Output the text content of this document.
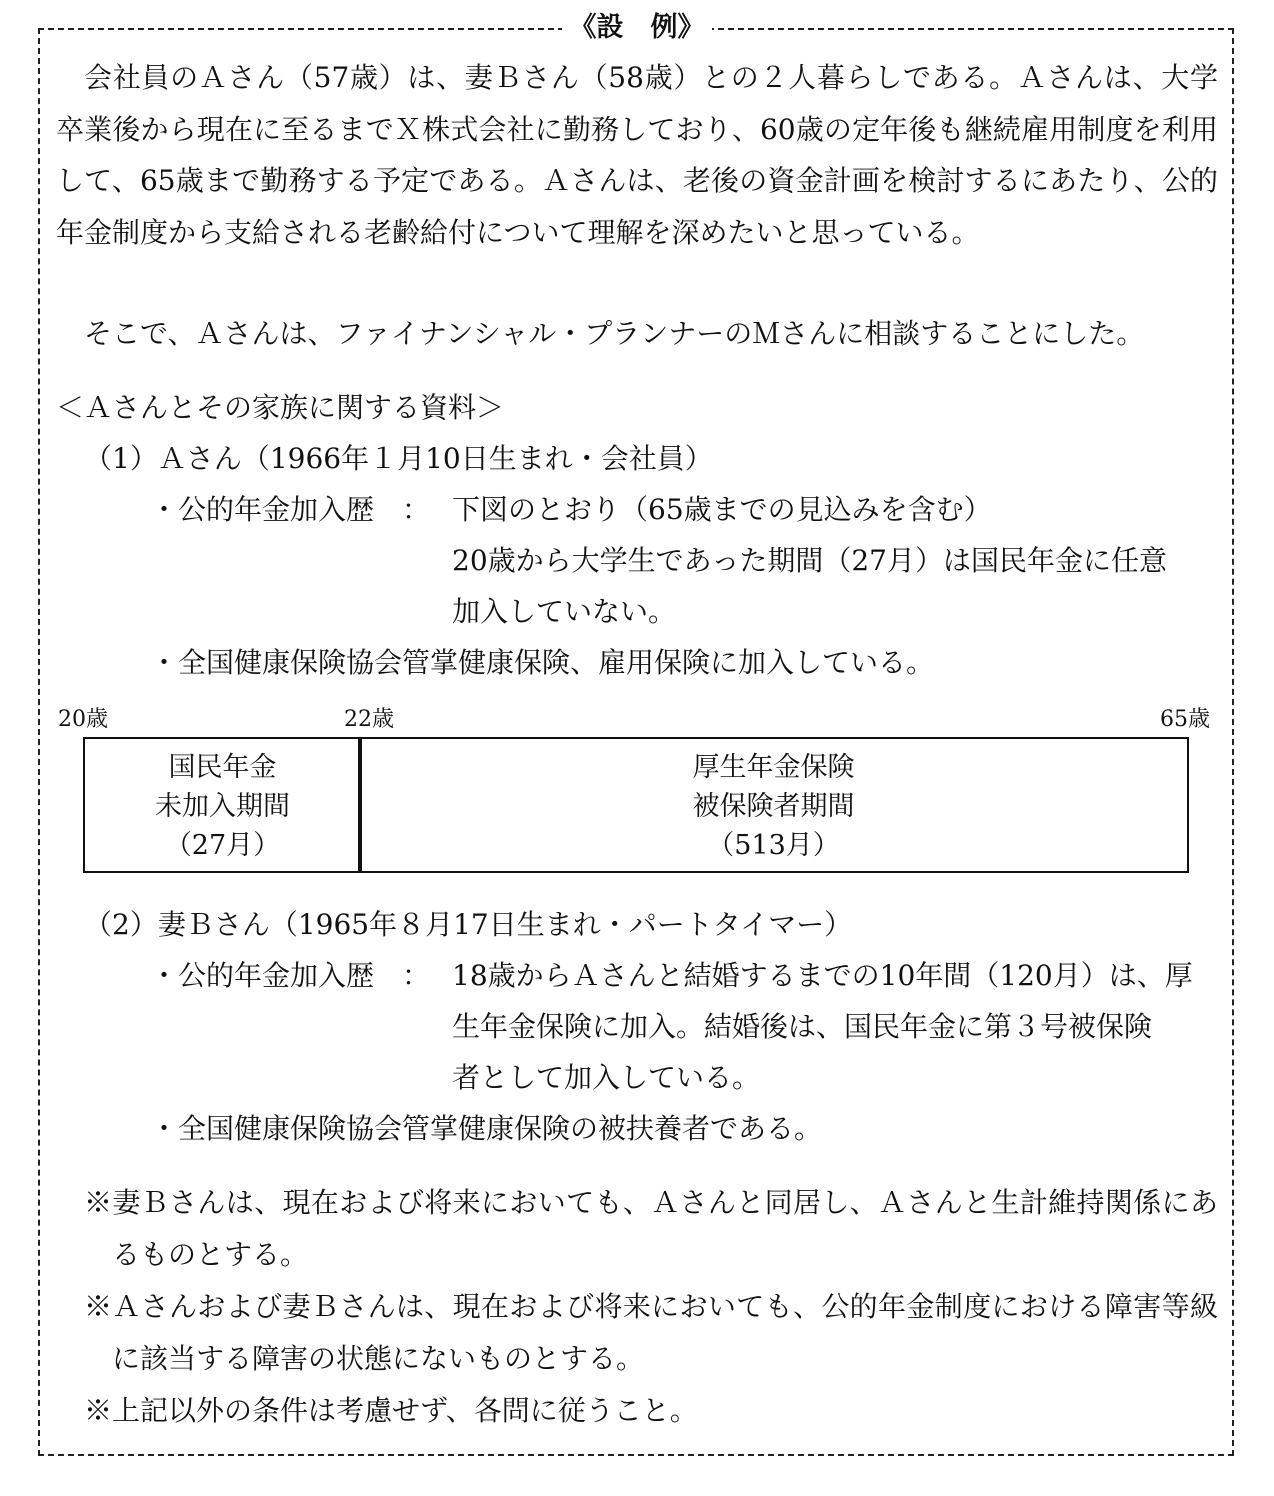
《設　例》
会社員のＡさん（57歳）は、妻Ｂさん（58歳）との２人暮らしである。Ａさんは、大学卒業後から現在に至るまでＸ株式会社に勤務しており、60歳の定年後も継続雇用制度を利用して、65歳まで勤務する予定である。Ａさんは、老後の資金計画を検討するにあたり、公的年金制度から支給される老齢給付について理解を深めたいと思っている。
そこで、Ａさんは、ファイナンシャル・プランナーのＭさんに相談することにした。
＜Ａさんとその家族に関する資料＞
（1）Ａさん（1966年１月10日生まれ・会社員）
・公的年金加入歴　： 下図のとおり（65歳までの見込みを含む）
20歳から大学生であった期間（27月）は国民年金に任意
加入していない。
・全国健康保険協会管掌健康保険、雇用保険に加入している。
20歳	22歳	65歳
国民年金
未加入期間
（27月）
厚生年金保険
被保険者期間
（513月）
（2）妻Ｂさん（1965年８月17日生まれ・パートタイマー）
・公的年金加入歴　： 18歳からＡさんと結婚するまでの10年間（120月）は、厚
生年金保険に加入。結婚後は、国民年金に第３号被保険
者として加入している。
・全国健康保険協会管掌健康保険の被扶養者である。
※妻Ｂさんは、現在および将来においても、Ａさんと同居し、Ａさんと生計維持関係にあるものとする。
※Ａさんおよび妻Ｂさんは、現在および将来においても、公的年金制度における障害等級に該当する障害の状態にないものとする。
※上記以外の条件は考慮せず、各問に従うこと。
